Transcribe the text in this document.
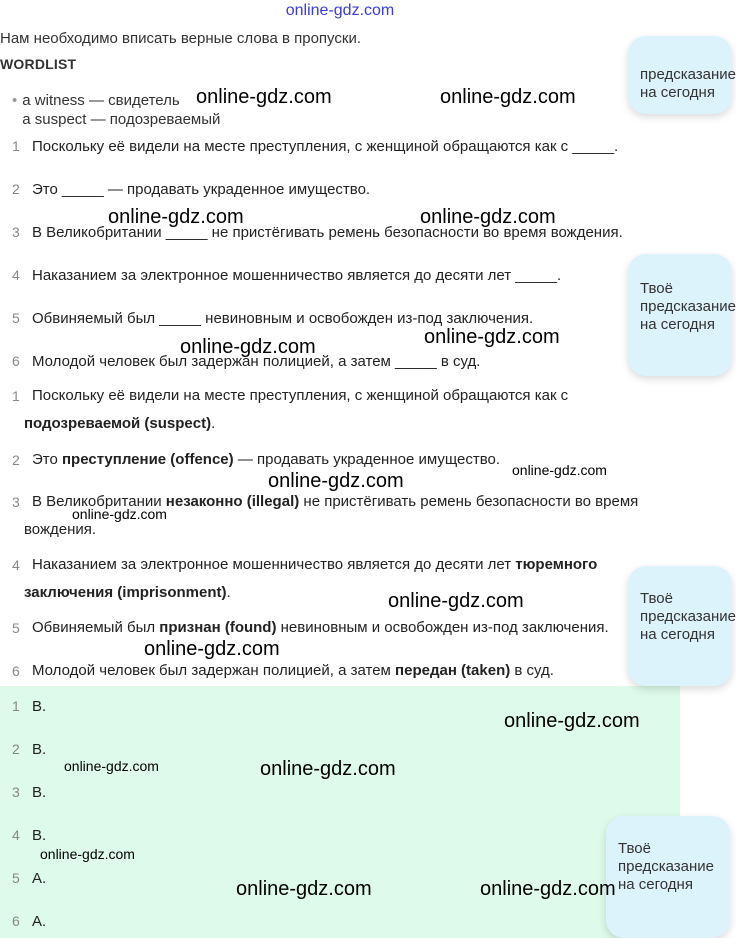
online-gdz.com
Нам необходимо вписать верные слова в пропуски.
WORDLIST
• a witness — свидетель
a suspect — подозреваемый
1 Поскольку её видели на месте преступления, с женщиной обращаются как с _____.
2 Это _____ — продавать украденное имущество.
3 В Великобритании _____ не пристёгивать ремень безопасности во время вождения.
4 Наказанием за электронное мошенничество является до десяти лет _____.
5 Обвиняемый был _____ невиновным и освобожден из-под заключения.
6 Молодой человек был задержан полицией, а затем _____ в суд.
1 Поскольку её видели на месте преступления, с женщиной обращаются как с подозреваемой (suspect).
2 Это преступление (offence) — продавать украденное имущество.
3 В Великобритании незаконно (illegal) не пристёгивать ремень безопасности во время вождения.
4 Наказанием за электронное мошенничество является до десяти лет тюремного заключения (imprisonment).
5 Обвиняемый был признан (found) невиновным и освобожден из-под заключения.
6 Молодой человек был задержан полицией, а затем передан (taken) в суд.
1 B.
2 B.
3 B.
4 B.
5 A.
6 A.
предсказание
на сегодня
Твоё
предсказание
на сегодня
Твоё
предсказание
на сегодня
Твоё
предсказание
на сегодня
online-gdz.com	online-gdz.com
online-gdz.com	online-gdz.com
online-gdz.com	online-gdz.com
online-gdz.com	online-gdz.com
online-gdz.com
online-gdz.com
online-gdz.com
online-gdz.com
online-gdz.com	online-gdz.com
online-gdz.com
online-gdz.com	online-gdz.com
